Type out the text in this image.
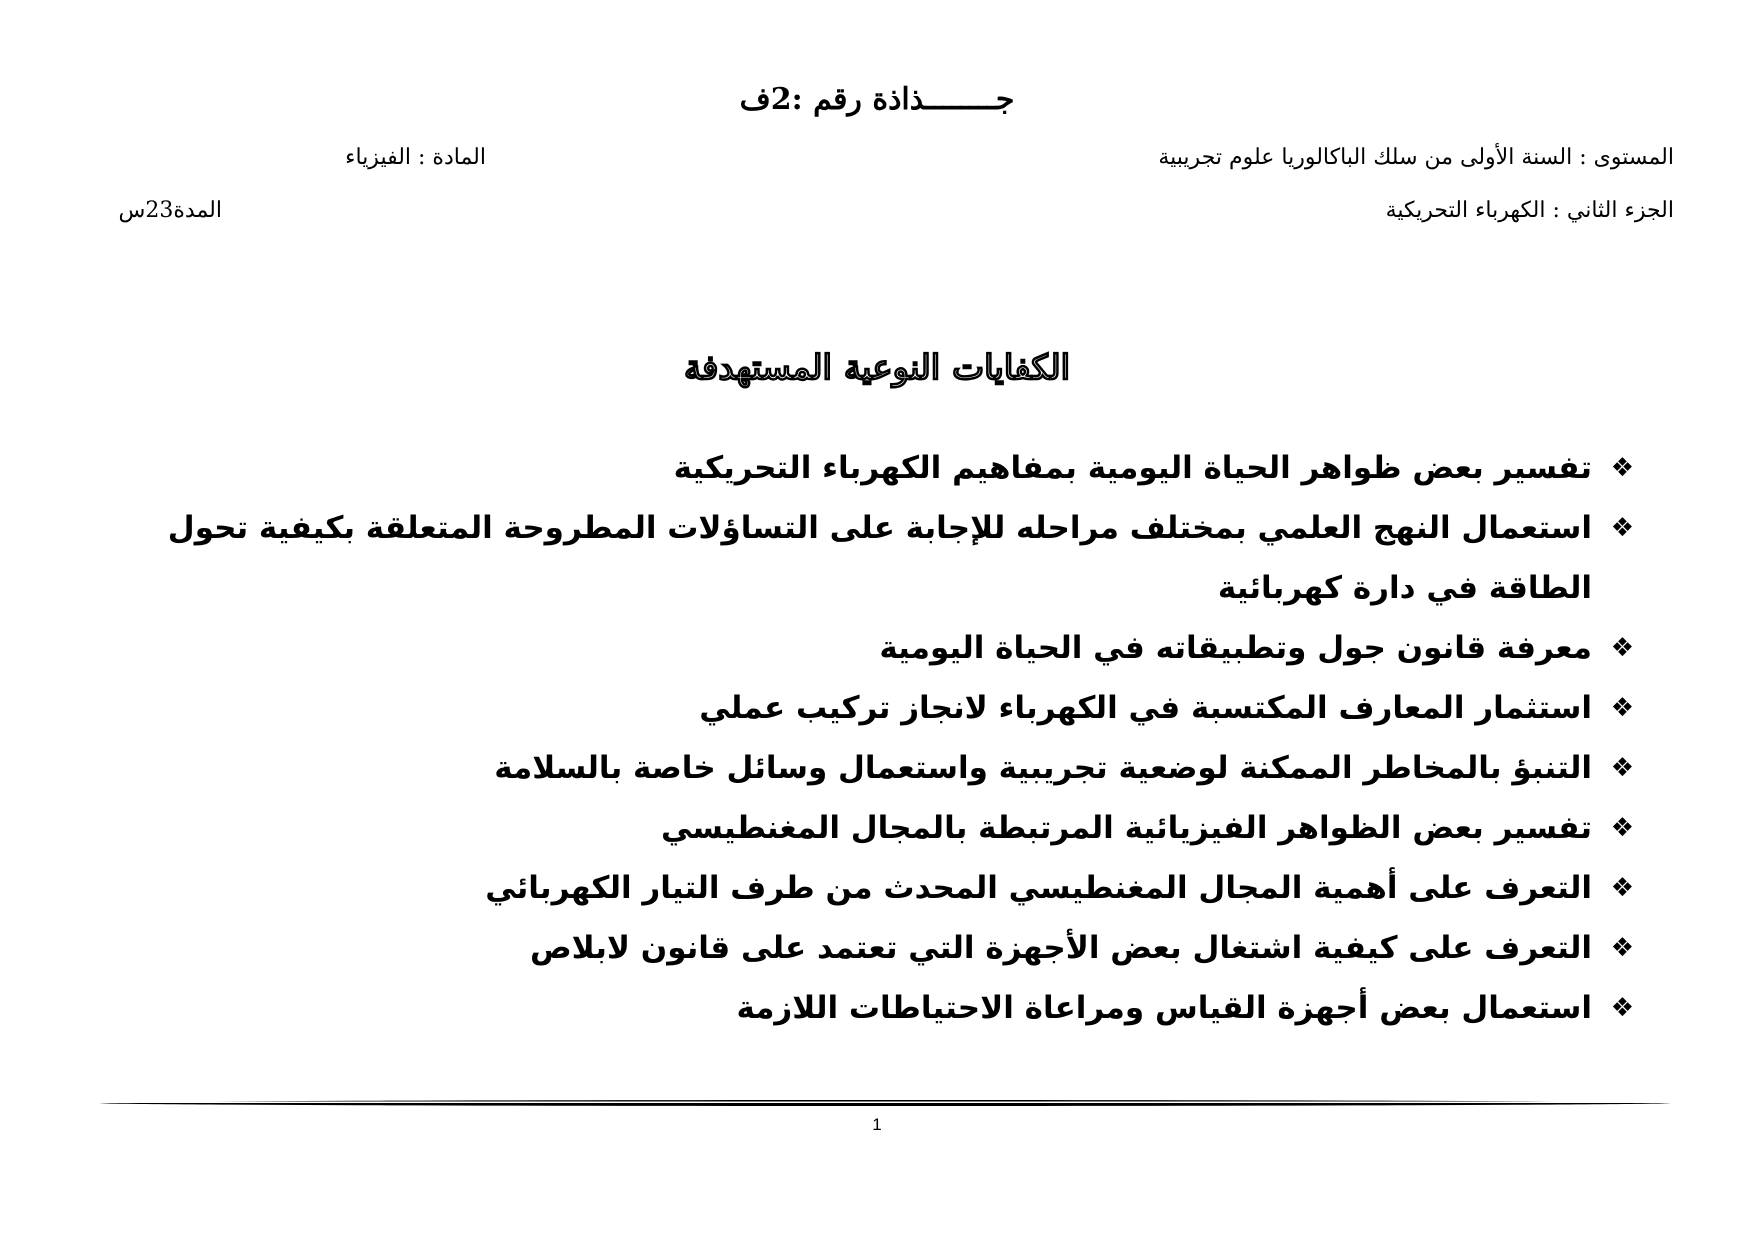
جــــــــذاذة رقم :2ف
المستوى : السنة الأولى من سلك الباكالوريا علوم تجريبية
المادة : الفيزياء
الجزء الثاني : الكهرباء التحريكية
المدة23س
الكفايات النوعية المستهدفة
❖
تفسير بعض ظواهر الحياة اليومية بمفاهيم الكهرباء التحريكية
❖
استعمال النهج العلمي بمختلف مراحله للإجابة على التساؤلات المطروحة المتعلقة بكيفية تحول الطاقة في دارة كهربائية
❖
معرفة قانون جول وتطبيقاته في الحياة اليومية
❖
استثمار المعارف المكتسبة في الكهرباء لانجاز تركيب عملي
❖
التنبؤ بالمخاطر الممكنة لوضعية تجريبية واستعمال وسائل خاصة بالسلامة
❖
تفسير بعض الظواهر الفيزيائية المرتبطة بالمجال المغنطيسي
❖
التعرف على أهمية المجال المغنطيسي المحدث من طرف التيار الكهربائي
❖
التعرف على كيفية اشتغال بعض الأجهزة التي تعتمد على قانون لابلاص
❖
استعمال بعض أجهزة القياس ومراعاة الاحتياطات اللازمة
1
